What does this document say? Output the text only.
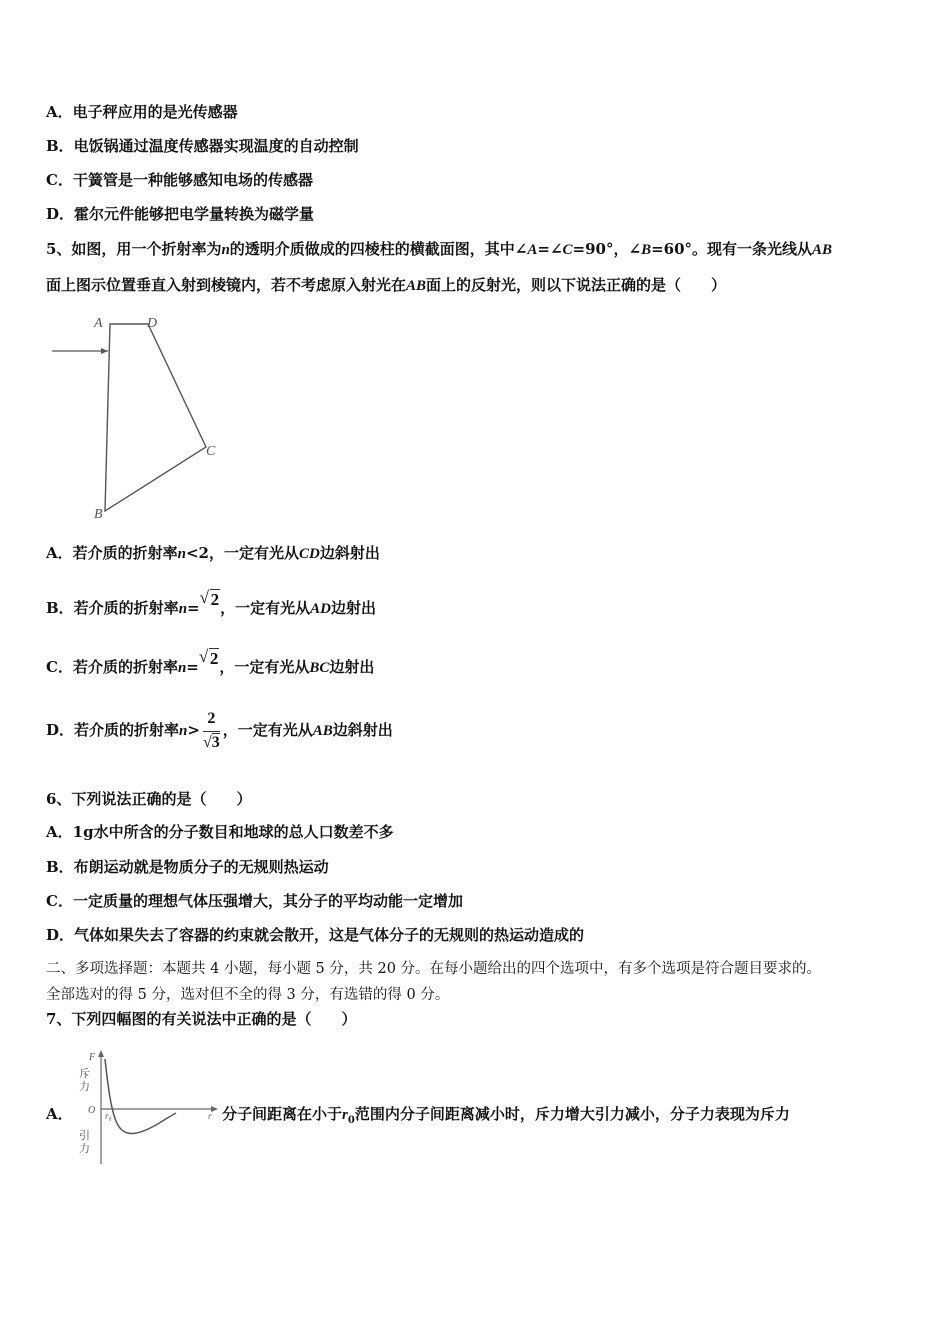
A．电子秤应用的是光传感器
B．电饭锅通过温度传感器实现温度的自动控制
C．干簧管是一种能够感知电场的传感器
D．霍尔元件能够把电学量转换为磁学量
5、如图，用一个折射率为n的透明介质做成的四棱柱的横截面图，其中∠A=∠C=90°，∠B=60°。现有一条光线从AB
面上图示位置垂直入射到棱镜内，若不考虑原入射光在AB面上的反射光，则以下说法正确的是（　　）
A	D
C
B
A．若介质的折射率n<2，一定有光从CD边斜射出
B．若介质的折射率n=
√ 2，一定有光从AD边射出
C．若介质的折射率n=
√ 2，一定有光从BC边射出
D．若介质的折射率$n> \frac{2}{√3}$ ，一定有光从AB边斜射出
6、下列说法正确的是（　　）
A．1g水中所含的分子数目和地球的总人口数差不多
B．布朗运动就是物质分子的无规则热运动
C．一定质量的理想气体压强增大，其分子的平均动能一定增加
D．气体如果失去了容器的约束就会散开，这是气体分子的无规则的热运动造成的
二、多项选择题：本题共 4 小题，每小题 5 分，共 20 分。在每小题给出的四个选项中，有多个选项是符合题目要求的。
全部选对的得 5 分，选对但不全的得 3 分，有选错的得 0 分。
7、下列四幅图的有关说法中正确的是（　　）
A．
F
斥
力
O r₀	r
引
力
分子间距离在小于$r_0$范围内分子间距离减小时，斥力增大引力减小，分子力表现为斥力
